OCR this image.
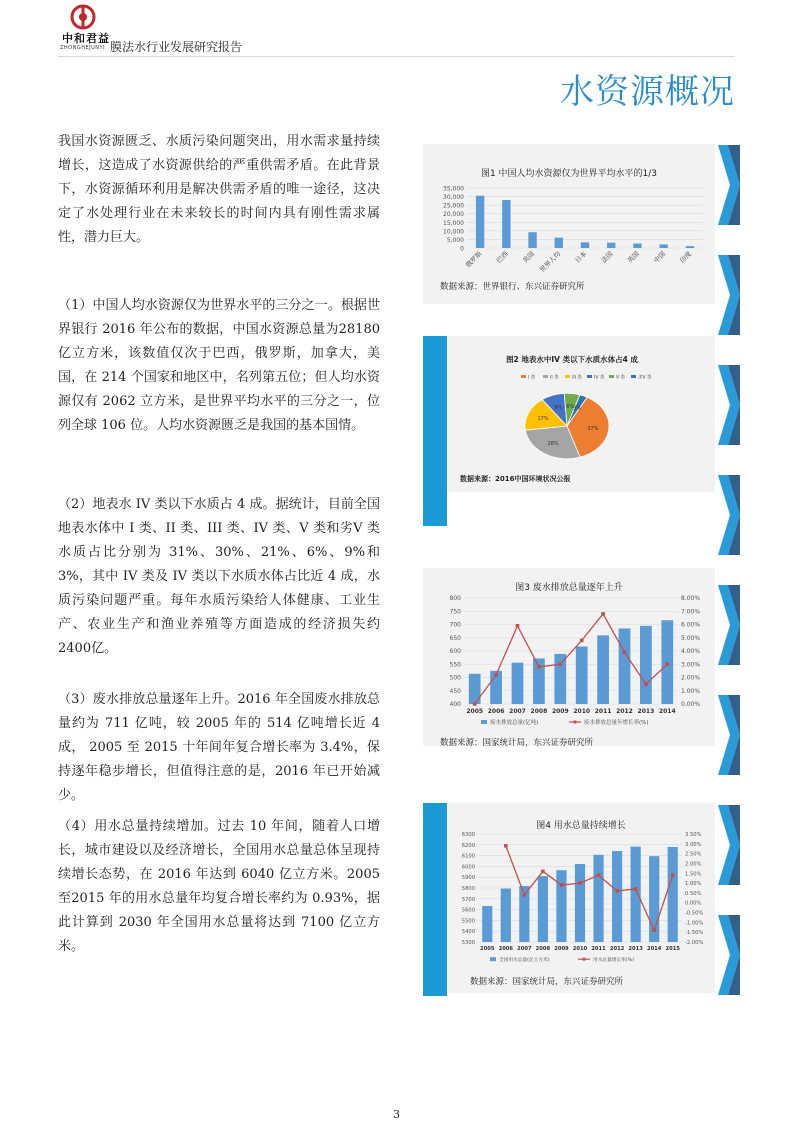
中和君益
ZHONGHEJUNYI 膜法水行业发展研究报告
水资源概况
我国水资源匮乏、水质污染问题突出，用水需求量持续增长，这造成了水资源供给的严重供需矛盾。在此背景下，水资源循环利用是解决供需矛盾的唯一途径，这决定了水处理行业在未来较长的时间内具有刚性需求属性，潜力巨大。
（1）中国人均水资源仅为世界水平的三分之一。根据世界银行 2016 年公布的数据，中国水资源总量为28180 亿立方米，该数值仅次于巴西，俄罗斯，加拿大，美国，在 214 个国家和地区中，名列第五位；但人均水资源仅有 2062 立方米，是世界平均水平的三分之一，位列全球 106 位。人均水资源匮乏是我国的基本国情。
（2）地表水 IV 类以下水质占 4 成。据统计，目前全国地表水体中 I 类、II 类、III 类、IV 类、V 类和劣V 类水质占比分别为 31%、30%、21%、6%、9%和 3%，其中 IV 类及 IV 类以下水质水体占比近 4 成，水质污染问题严重。每年水质污染给人体健康、工业生产、农业生产和渔业养殖等方面造成的经济损失约 2400亿。
（3）废水排放总量逐年上升。2016 年全国废水排放总量约为 711 亿吨，较 2005 年的 514 亿吨增长近 4成， 2005 至 2015 十年间年复合增长率为 3.4%，保持逐年稳步增长，但值得注意的是，2016 年已开始减少。
（4）用水总量持续增加。过去 10 年间，随着人口增长，城市建设以及经济增长，全国用水总量总体呈现持续增长态势，在 2016 年达到 6040 亿立方米。2005至2015 年的用水总量年均复合增长率约为 0.93%，据此计算到 2030 年全国用水总量将达到 7100 亿立方米。
图1 中国人均水资源仅为世界平均水平的1/3
35,000
30,000
25,000
20,000
15,000
10,000
5,000
0
俄罗斯 巴西 美国 世界人均 日本 法国 英国 中国 印度
数据来源：世界银行、东兴证券研究所
图2 地表水中IV 类以下水质水体占4 成
I 类	II 类	III 类	IV 类	V 类	劣V 类
37%
28%
17%
9% 6% 3%
数据来源：2016中国环境状况公报
图3 废水排放总量逐年上升
800
750
700
650
600
550
500
450
400
8.00%
7.00%
6.00%
5.00%
4.00%
3.00%
2.00%
1.00%
0.00%
2005 2006 2007 2008 2009 2010 2011 2012 2013 2014
废水排放总量(亿吨)	废水排放总量年增长率(%)
数据来源：国家统计局，东兴证券研究所
图4 用水总量持续增长
6300
6200
6100
6000
5900
5800
5700
5600
5500
5400
5300
3.50%
3.00%
2.50%
2.00%
1.50%
1.00%
0.50%
0.00%
-0.50%
-1.00%
-1.50%
-2.00%
2005 2006 2007 2008 2009 2010 2011 2012 2013 2014 2015
全国用水总量(亿立方米)	用水总量增长率(%)
数据来源：国家统计局，东兴证券研究所
3
